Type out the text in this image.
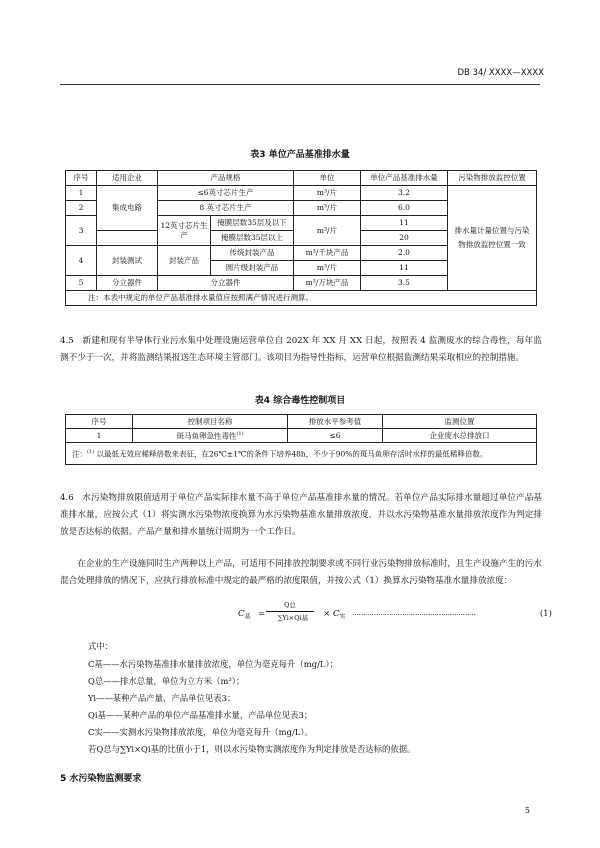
DB 34/ XXXX—XXXX
表3 单位产品基准排水量
序号	适用企业	产品规格		单位	单位产品基准排水量	污染物排放监控位置
1	集成电路	≤6英寸芯片生产		m³/片	3.2	排水量计量位置与污染物排放监控位置一致
2		8 英寸芯片生产		m³/片	6.0	
3		12英寸芯片生产	掩膜层数35层及以下	m³/片	11	
			掩膜层数35层以上		20	
4	封装测试	封装产品	传统封装产品	m³/千块产品	2.0	
			圆片级封装产品	m³/片	11	
5	分立器件	分立器件		m³/万块产品	3.5	
注：本表中规定的单位产品基准排水量值应按照满产情况进行测算。						
4.5　新建和现有半导体行业污水集中处理设施运营单位自 202X 年 XX 月 XX 日起，按照表 4 监测废水的综合毒性，每年监测不少于一次，并将监测结果报送生态环境主管部门。该项目为指导性指标，运营单位根据监测结果采取相应的控制措施。
表4 综合毒性控制项目
序号	控制项目名称	排放水平参考值	监测位置
1	斑马鱼卵急性毒性$^{(1)}$	≤6	企业废水总排放口
注：$^{(1)}$ 以最低无效应稀释倍数来表征，在26℃±1℃的条件下培养48h，不少于90%的斑马鱼卵存活时水样的最低稀释倍数。			
4.6　水污染物排放限值适用于单位产品实际排水量不高于单位产品基准排水量的情况。若单位产品实际排水量超过单位产品基准排水量，应按公式（1）将实测水污染物浓度换算为水污染物基准水量排放浓度，并以水污染物基准水量排放浓度作为判定排放是否达标的依据。产品产量和排水量统计周期为一个工作日。
在企业的生产设施同时生产两种以上产品，可适用不同排放控制要求或不同行业污染物排放标准时，且生产设施产生的污水混合处理排放的情况下，应执行排放标准中规定的最严格的浓度限值，并按公式（1）换算水污染物基准水量排放浓度：
$C_基$ =
Q总
∑Yi×Qi基	× $C_实$
…………………………………………………	(1)
式中：
C基——水污染物基准排水量排放浓度，单位为毫克每升（mg/L）；
Q总——排水总量，单位为立方米（m³）；
Yi——某种产品产量，产品单位见表3；
Qi基——某种产品的单位产品基准排水量，产品单位见表3；
C实——实测水污染物排放浓度，单位为毫克每升（mg/L）。
若Q总与∑Yi×Qi基的比值小于1，则以水污染物实测浓度作为判定排放是否达标的依据。
5 水污染物监测要求
5
